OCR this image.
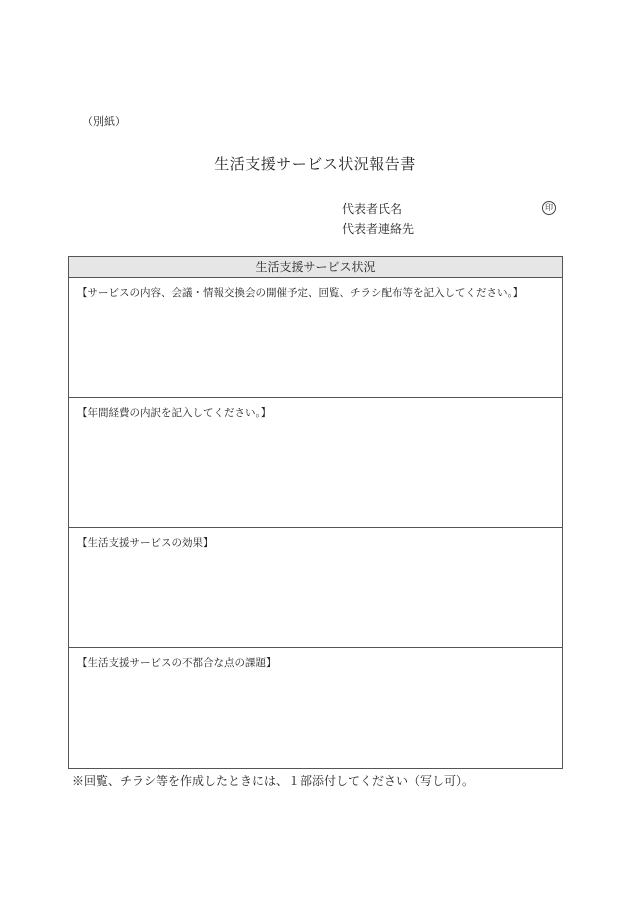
（別紙）
生活支援サービス状況報告書
代表者氏名	印
代表者連絡先
生活支援サービス状況
【サービスの内容、会議・情報交換会の開催予定、回覧、チラシ配布等を記入してください。】
【年間経費の内訳を記入してください。】
【生活支援サービスの効果】
【生活支援サービスの不都合な点の課題】
※回覧、チラシ等を作成したときには、１部添付してください（写し可）。
